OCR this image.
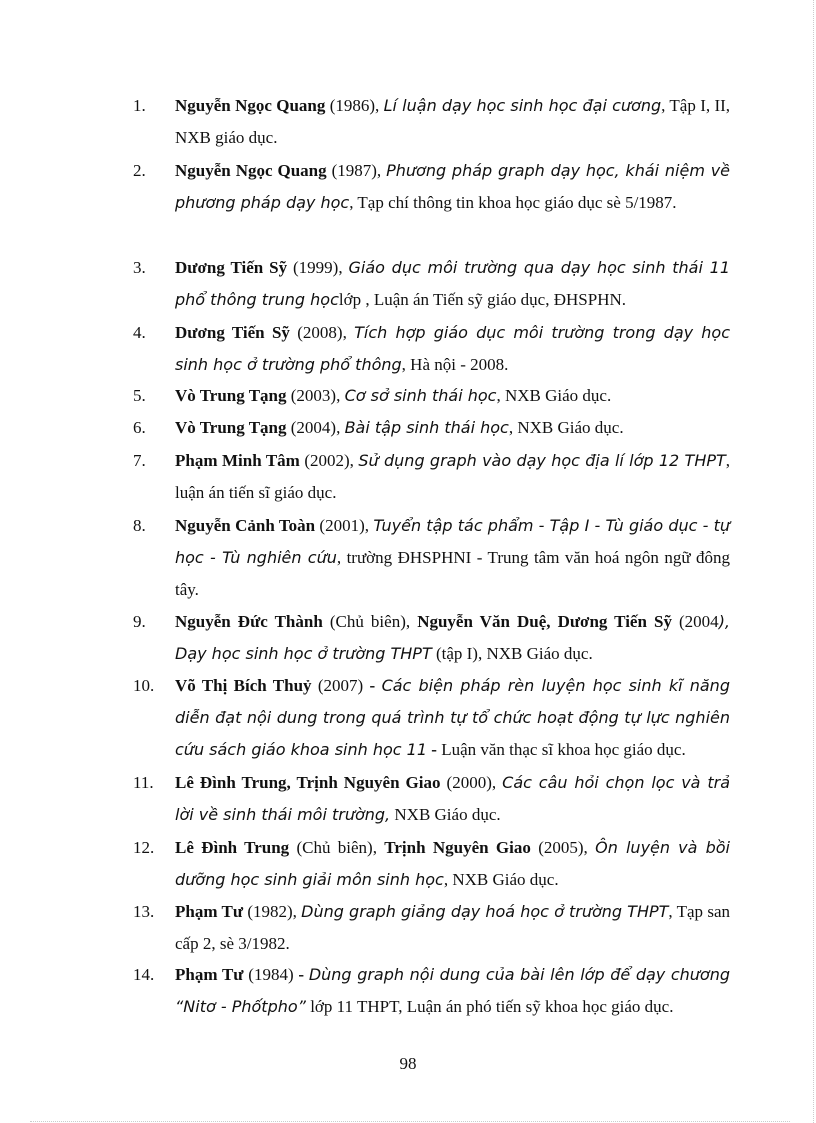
1.	Nguyễn Ngọc Quang (1986), Lí luận dạy học sinh học đại cương, Tập I, II, NXB giáo dục.
2.	Nguyễn Ngọc Quang (1987), Phương pháp graph dạy học, khái niệm về phương pháp dạy học, Tạp chí thông tin khoa học giáo dục sè 5/1987.
3.	Dương Tiến Sỹ (1999), Giáo dục môi trường qua dạy học sinh thái 11 phổ thông trung họclớp , Luận án Tiến sỹ giáo dục, ĐHSPHN.
4.	Dương Tiến Sỹ (2008), Tích hợp giáo dục môi trường trong dạy học sinh học ở trường phổ thông, Hà nội - 2008.
5.	Vò Trung Tạng (2003), Cơ sở sinh thái học, NXB Giáo dục.
6.	Vò Trung Tạng (2004), Bài tập sinh thái học, NXB Giáo dục.
7.	Phạm Minh Tâm (2002), Sử dụng graph vào dạy học địa lí lớp 12 THPT, luận án tiến sĩ giáo dục.
8.	Nguyễn Cảnh Toàn (2001), Tuyển tập tác phẩm - Tập I - Tù giáo dục - tự học - Tù nghiên cứu, trường ĐHSPHNI - Trung tâm văn hoá ngôn ngữ đông tây.
9.	Nguyễn Đức Thành (Chủ biên), Nguyễn Văn Duệ, Dương Tiến Sỹ (2004), Dạy học sinh học ở trường THPT (tập I), NXB Giáo dục.
10.	Võ Thị Bích Thuỷ (2007) - Các biện pháp rèn luyện học sinh kĩ năng diễn đạt nội dung trong quá trình tự tổ chức hoạt động tự lực nghiên cứu sách giáo khoa sinh học 11 - Luận văn thạc sĩ khoa học giáo dục.
11.	Lê Đình Trung, Trịnh Nguyên Giao (2000), Các câu hỏi chọn lọc và trả lời về sinh thái môi trường, NXB Giáo dục.
12.	Lê Đình Trung (Chủ biên), Trịnh Nguyên Giao (2005), Ôn luyện và bồi dưỡng học sinh giải môn sinh học, NXB Giáo dục.
13.	Phạm Tư (1982), Dùng graph giảng dạy hoá học ở trường THPT, Tạp san cấp 2, sè 3/1982.
14.	Phạm Tư (1984) - Dùng graph nội dung của bài lên lớp để dạy chương “Nitơ - Phốtpho” lớp 11 THPT, Luận án phó tiến sỹ khoa học giáo dục.
98
